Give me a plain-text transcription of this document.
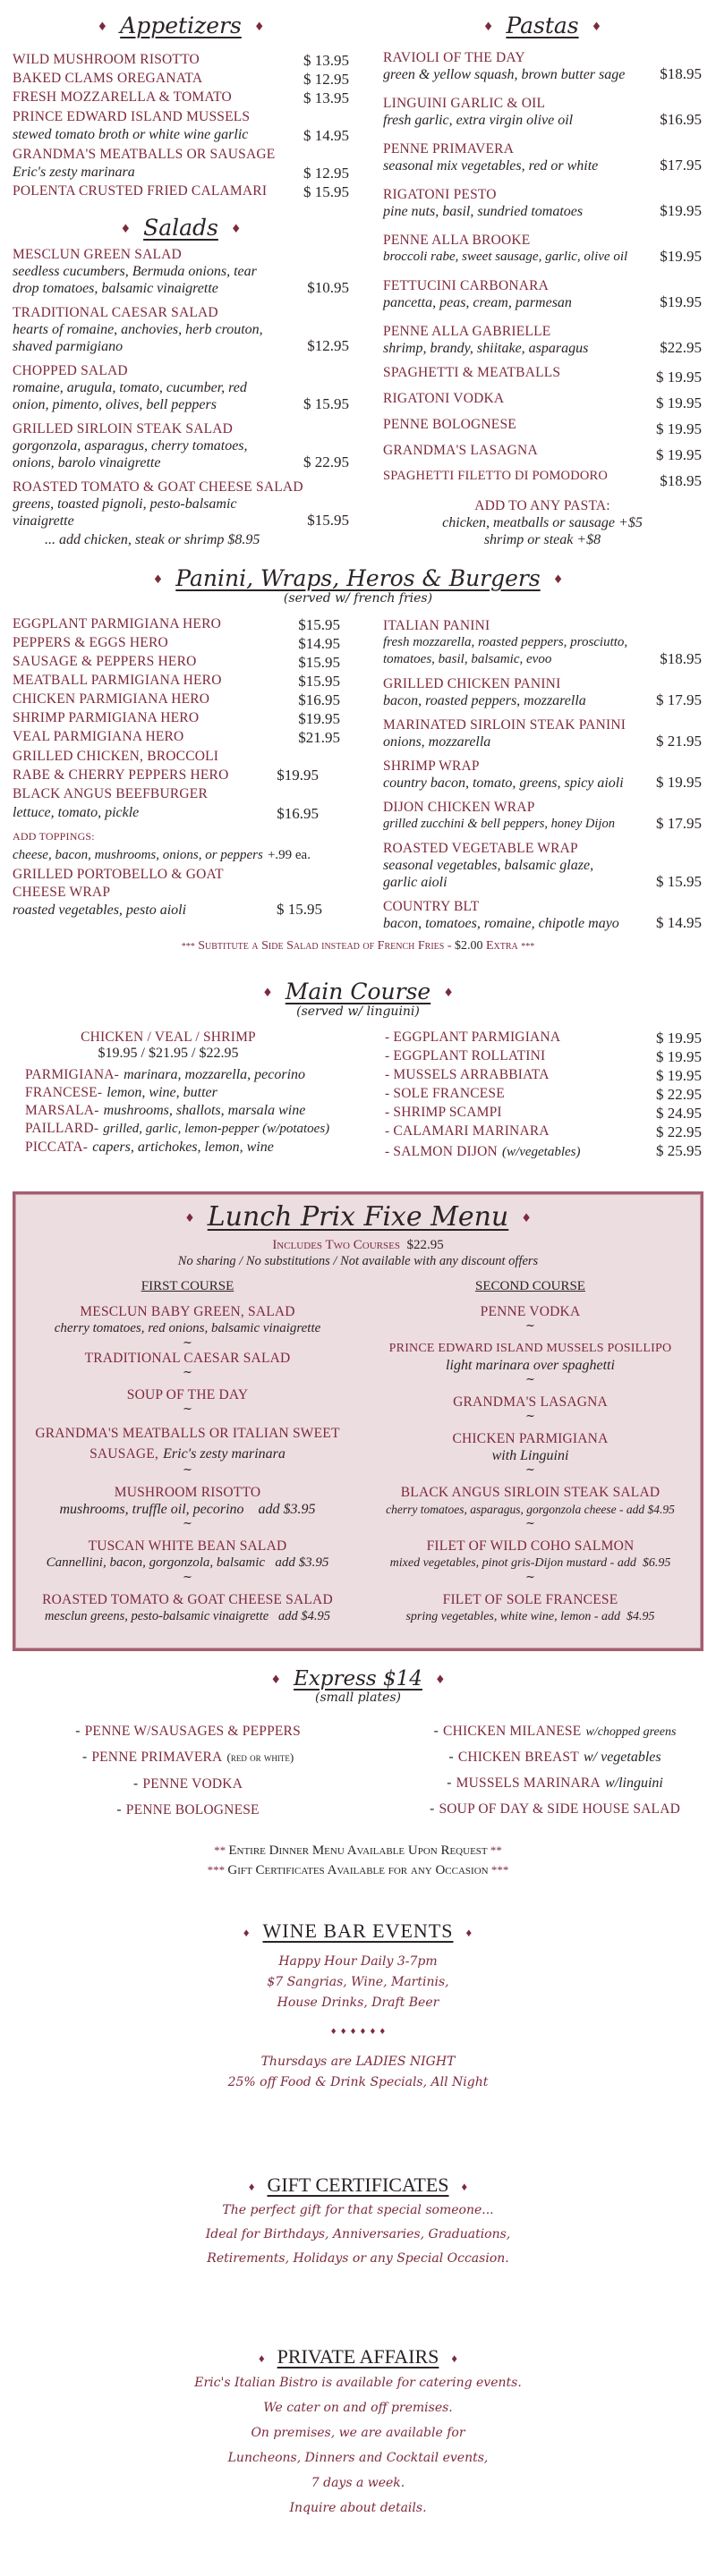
♦ Appetizers ♦
WILD MUSHROOM RISOTTO	$ 13.95
BAKED CLAMS OREGANATA	$ 12.95
FRESH MOZZARELLA & TOMATO	$ 13.95
PRINCE EDWARD ISLAND MUSSELS
stewed tomato broth or white wine garlic	$ 14.95
GRANDMA'S MEATBALLS OR SAUSAGE
Eric's zesty marinara	$ 12.95
POLENTA CRUSTED FRIED CALAMARI $ 15.95
♦ Salads ♦
MESCLUN GREEN SALAD
seedless cucumbers, Bermuda onions, tear drop tomatoes, balsamic vinaigrette	$10.95
TRADITIONAL CAESAR SALAD
hearts of romaine, anchovies, herb crouton, shaved parmigiano	$12.95
CHOPPED SALAD
romaine, arugula, tomato, cucumber, red onion, pimento, olives, bell peppers	$ 15.95
GRILLED SIRLOIN STEAK SALAD
gorgonzola, asparagus, cherry tomatoes, onions, barolo vinaigrette	$ 22.95
ROASTED TOMATO & GOAT CHEESE SALAD
greens, toasted pignoli, pesto-balsamic vinaigrette	$15.95
... add chicken, steak or shrimp $8.95
♦ Pastas ♦
RAVIOLI OF THE DAY
green & yellow squash, brown butter sage	$18.95
LINGUINI GARLIC & OIL
fresh garlic, extra virgin olive oil	$16.95
PENNE PRIMAVERA
seasonal mix vegetables, red or white	$17.95
RIGATONI PESTO
pine nuts, basil, sundried tomatoes	$19.95
PENNE ALLA BROOKE
broccoli rabe, sweet sausage, garlic, olive oil	$19.95
FETTUCINI CARBONARA
pancetta, peas, cream, parmesan	$19.95
PENNE ALLA GABRIELLE
shrimp, brandy, shiitake, asparagus	$22.95
SPAGHETTI & MEATBALLS	$ 19.95
RIGATONI VODKA	$ 19.95
PENNE BOLOGNESE	$ 19.95
GRANDMA'S LASAGNA	$ 19.95
SPAGHETTI FILETTO DI POMODORO	$18.95
ADD TO ANY PASTA:
chicken, meatballs or sausage +$5
shrimp or steak +$8
♦ Panini, Wraps, Heros & Burgers ♦
(served w/ french fries)
EGGPLANT PARMIGIANA HERO	$15.95
PEPPERS & EGGS HERO	$14.95
SAUSAGE & PEPPERS HERO	$15.95
MEATBALL PARMIGIANA HERO	$15.95
CHICKEN PARMIGIANA HERO	$16.95
SHRIMP PARMIGIANA HERO	$19.95
VEAL PARMIGIANA HERO	$21.95
GRILLED CHICKEN, BROCCOLI RABE & CHERRY PEPPERS HERO	$19.95
BLACK ANGUS BEEFBURGER
lettuce, tomato, pickle	$16.95
ADD TOPPINGS:
cheese, bacon, mushrooms, onions, or peppers +.99 ea.
GRILLED PORTOBELLO & GOAT CHEESE WRAP
roasted vegetables, pesto aioli	$ 15.95
ITALIAN PANINI
fresh mozzarella, roasted peppers, prosciutto, tomatoes, basil, balsamic, evoo	$18.95
GRILLED CHICKEN PANINI
bacon, roasted peppers, mozzarella	$ 17.95
MARINATED SIRLOIN STEAK PANINI
onions, mozzarella	$ 21.95
SHRIMP WRAP
country bacon, tomato, greens, spicy aioli	$ 19.95
DIJON CHICKEN WRAP
grilled zucchini & bell peppers, honey Dijon	$ 17.95
ROASTED VEGETABLE WRAP
seasonal vegetables, balsamic glaze, garlic aioli	$ 15.95
COUNTRY BLT
bacon, tomatoes, romaine, chipotle mayo	$ 14.95
*** Subtitute a Side Salad instead of French Fries - $2.00 Extra ***
♦ Main Course ♦
(served w/ linguini)
CHICKEN / VEAL / SHRIMP
$19.95 / $21.95 / $22.95
PARMIGIANA- marinara, mozzarella, pecorino
FRANCESE- lemon, wine, butter
MARSALA- mushrooms, shallots, marsala wine
PAILLARD- grilled, garlic, lemon-pepper (w/potatoes)
PICCATA- capers, artichokes, lemon, wine
- EGGPLANT PARMIGIANA	$ 19.95
- EGGPLANT ROLLATINI	$ 19.95
- MUSSELS ARRABBIATA	$ 19.95
- SOLE FRANCESE	$ 22.95
- SHRIMP SCAMPI	$ 24.95
- CALAMARI MARINARA	$ 22.95
- SALMON DIJON (w/vegetables)	$ 25.95
♦ Lunch Prix Fixe Menu ♦
Includes Two Courses $22.95
No sharing / No substitutions / Not available with any discount offers
FIRST COURSE
MESCLUN BABY GREEN, SALAD
cherry tomatoes, red onions, balsamic vinaigrette
~
TRADITIONAL CAESAR SALAD
~
SOUP OF THE DAY
~
GRANDMA'S MEATBALLS OR ITALIAN SWEET SAUSAGE, Eric's zesty marinara
~
MUSHROOM RISOTTO
mushrooms, truffle oil, pecorino    add $3.95
~
TUSCAN WHITE BEAN SALAD
Cannellini, bacon, gorgonzola, balsamic   add $3.95
~
ROASTED TOMATO & GOAT CHEESE SALAD
mesclun greens, pesto-balsamic vinaigrette   add $4.95
SECOND COURSE
PENNE VODKA
~
PRINCE EDWARD ISLAND MUSSELS POSILLIPO
light marinara over spaghetti
~
GRANDMA'S LASAGNA
~
CHICKEN PARMIGIANA
with Linguini
~
BLACK ANGUS SIRLOIN STEAK SALAD
cherry tomatoes, asparagus, gorgonzola cheese - add $4.95
~
FILET OF WILD COHO SALMON
mixed vegetables, pinot gris-Dijon mustard - add  $6.95
~
FILET OF SOLE FRANCESE
spring vegetables, white wine, lemon - add  $4.95
♦ Express $14 ♦
(small plates)
- PENNE W/SAUSAGES & PEPPERS
- PENNE PRIMAVERA (red or white)
- PENNE VODKA
- PENNE BOLOGNESE
- CHICKEN MILANESE w/chopped greens
- CHICKEN BREAST w/ vegetables
- MUSSELS MARINARA w/linguini
- SOUP OF DAY & SIDE HOUSE SALAD
** Entire Dinner Menu Available Upon Request **
*** Gift Certificates Available for any Occasion ***
♦ WINE BAR EVENTS ♦
Happy Hour Daily 3-7pm
$7 Sangrias, Wine, Martinis,
House Drinks, Draft Beer
♦ ♦ ♦ ♦ ♦ ♦
Thursdays are LADIES NIGHT
25% off Food & Drink Specials, All Night
♦ GIFT CERTIFICATES ♦
The perfect gift for that special someone...
Ideal for Birthdays, Anniversaries, Graduations,
Retirements, Holidays or any Special Occasion.
♦ PRIVATE AFFAIRS ♦
Eric's Italian Bistro is available for catering events.
We cater on and off premises.
On premises, we are available for
Luncheons, Dinners and Cocktail events,
7 days a week.
Inquire about details.
